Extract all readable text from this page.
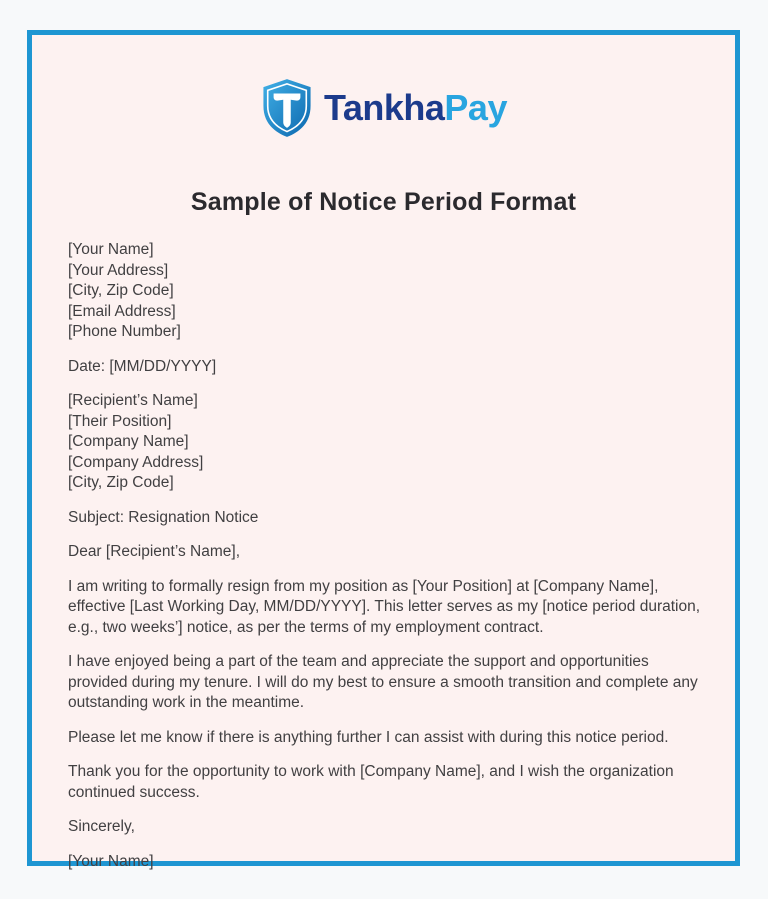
TankhaPay
Sample of Notice Period Format
[Your Name]
[Your Address]
[City, Zip Code]
[Email Address]
[Phone Number]
Date: [MM/DD/YYYY]
[Recipient’s Name]
[Their Position]
[Company Name]
[Company Address]
[City, Zip Code]
Subject: Resignation Notice
Dear [Recipient’s Name],

I am writing to formally resign from my position as [Your Position] at [Company Name], effective [Last Working Day, MM/DD/YYYY]. This letter serves as my [notice period duration, e.g., two weeks’] notice, as per the terms of my employment contract.

I have enjoyed being a part of the team and appreciate the support and opportunities provided during my tenure. I will do my best to ensure a smooth transition and complete any outstanding work in the meantime.

Please let me know if there is anything further I can assist with during this notice period.

Thank you for the opportunity to work with [Company Name], and I wish the organization continued success.

Sincerely,
[Your Name]
